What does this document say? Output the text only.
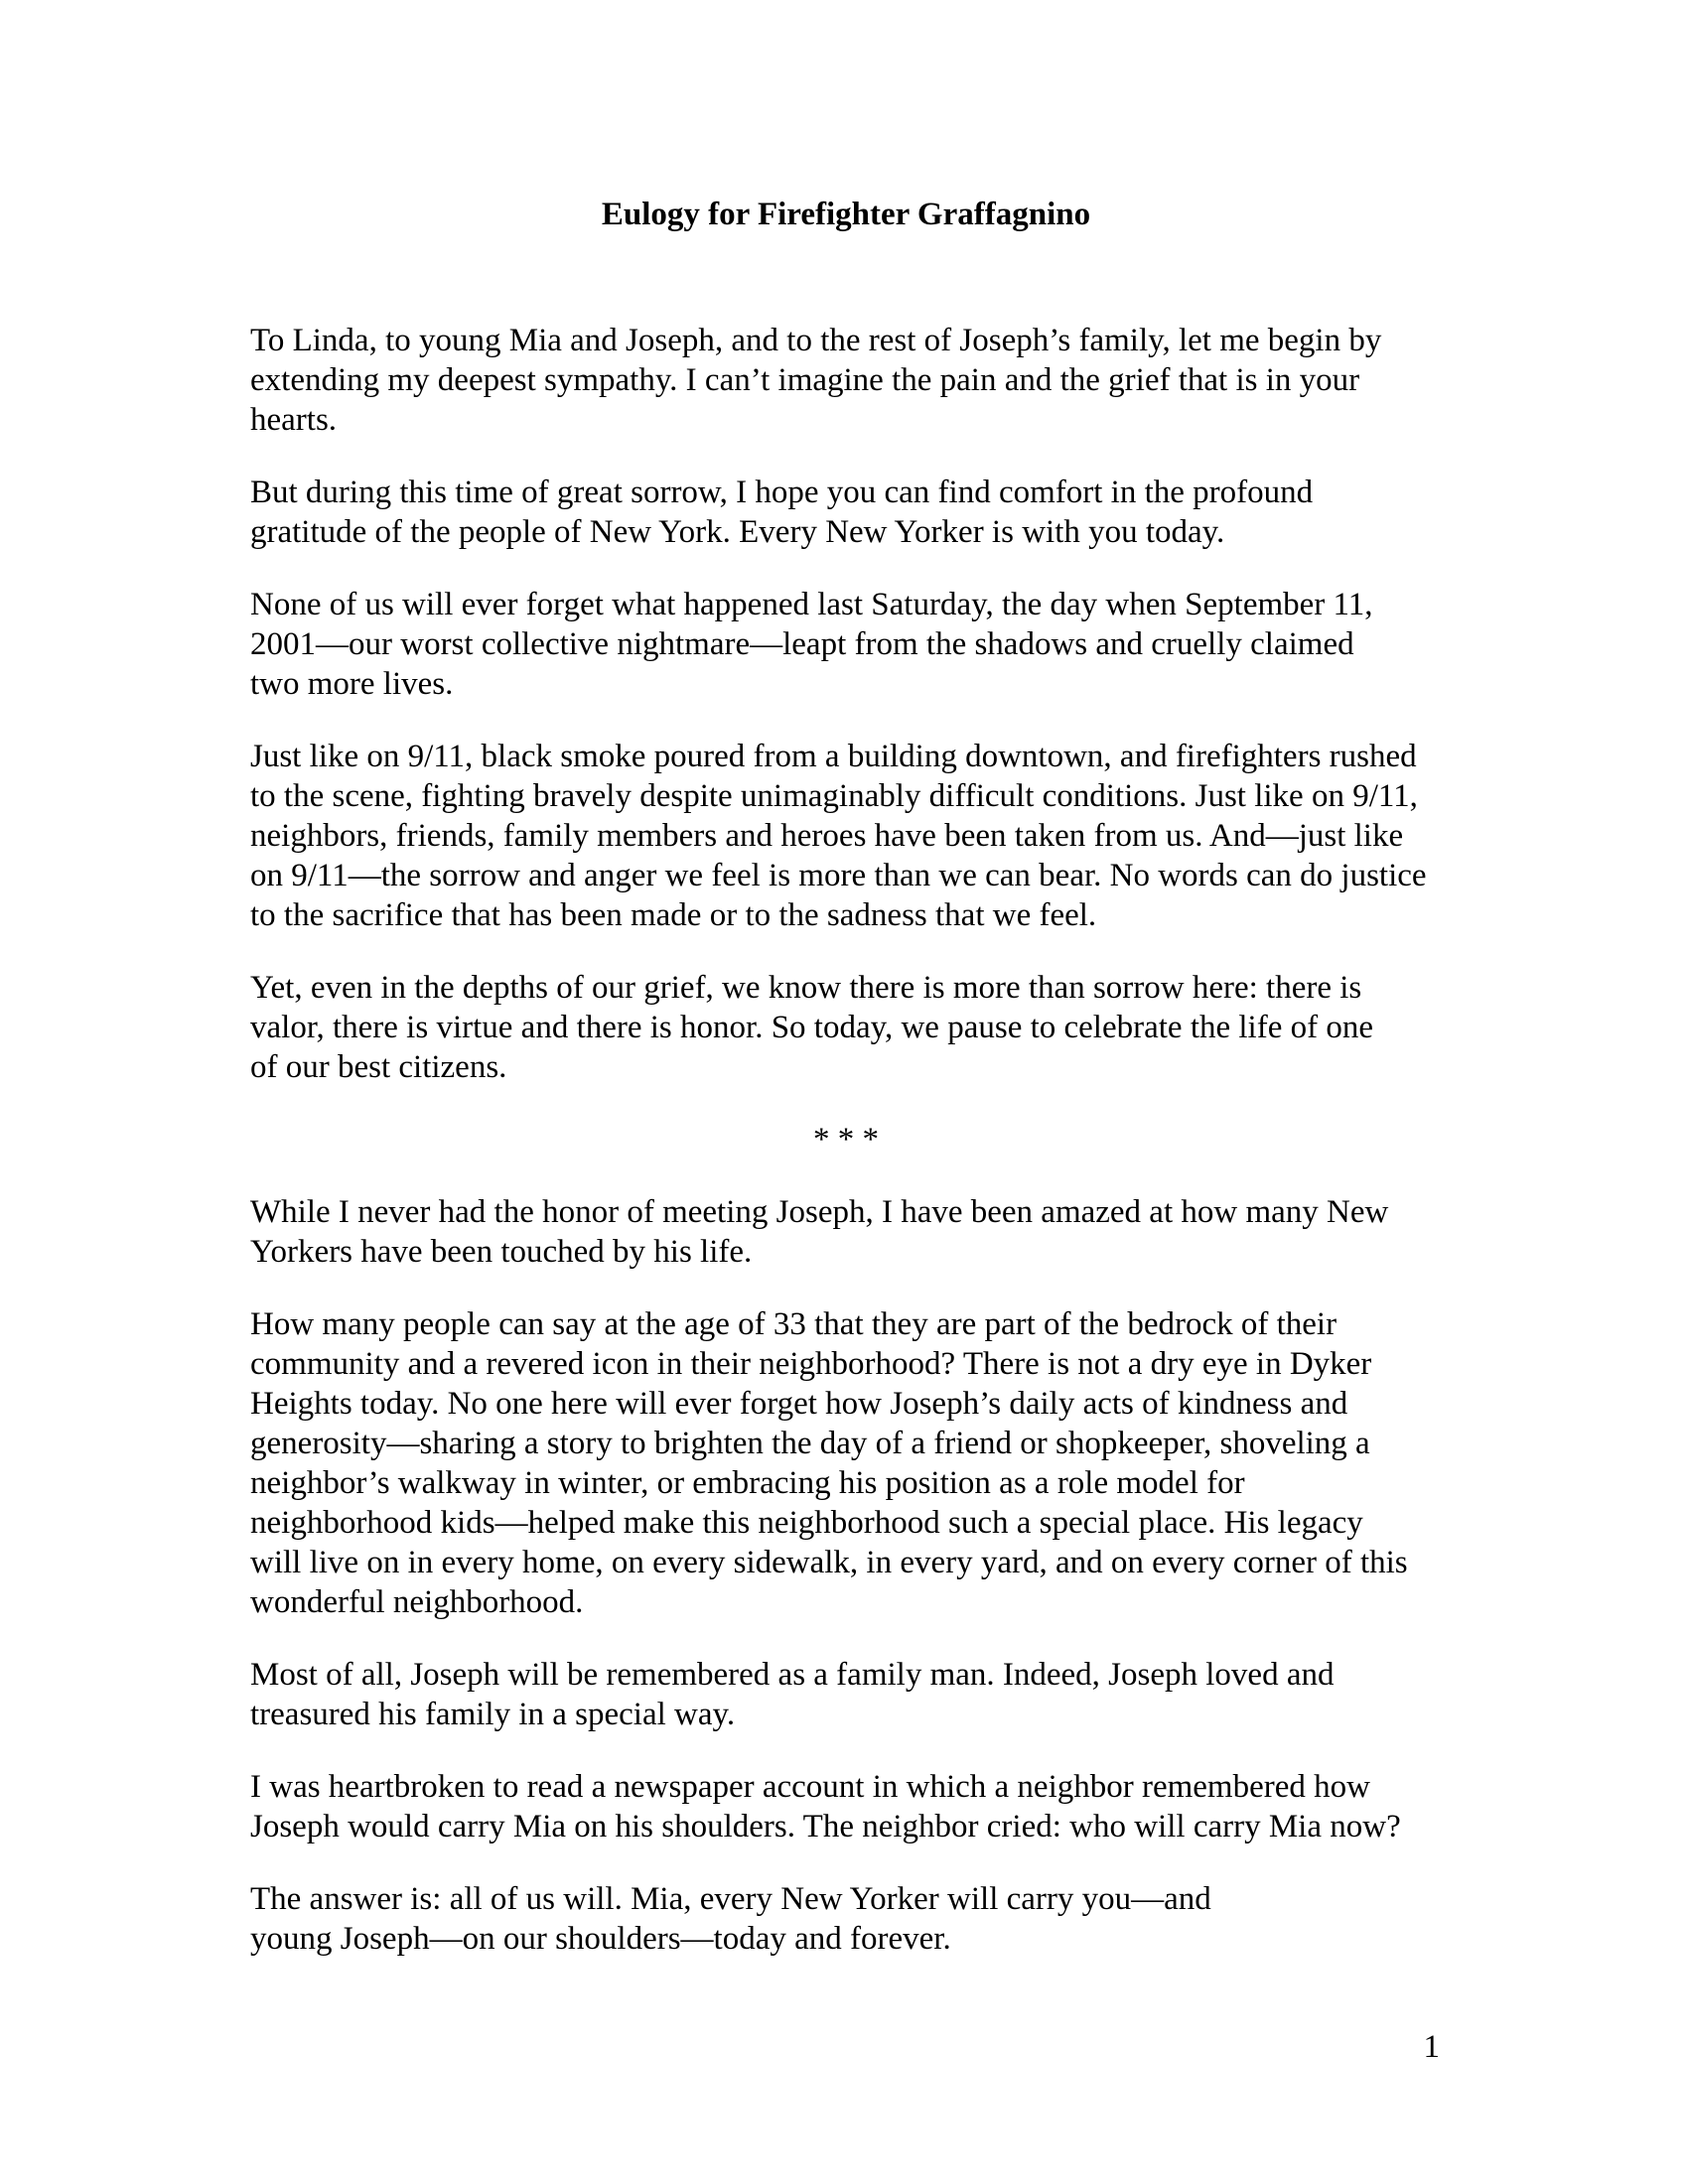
Eulogy for Firefighter Graffagnino

To Linda, to young Mia and Joseph, and to the rest of Joseph’s family, let me begin by
extending my deepest sympathy. I can’t imagine the pain and the grief that is in your
hearts.

But during this time of great sorrow, I hope you can find comfort in the profound
gratitude of the people of New York. Every New Yorker is with you today.

None of us will ever forget what happened last Saturday, the day when September 11,
2001—our worst collective nightmare—leapt from the shadows and cruelly claimed
two more lives.

Just like on 9/11, black smoke poured from a building downtown, and firefighters rushed
to the scene, fighting bravely despite unimaginably difficult conditions. Just like on 9/11,
neighbors, friends, family members and heroes have been taken from us. And—just like
on 9/11—the sorrow and anger we feel is more than we can bear. No words can do justice
to the sacrifice that has been made or to the sadness that we feel.

Yet, even in the depths of our grief, we know there is more than sorrow here: there is
valor, there is virtue and there is honor. So today, we pause to celebrate the life of one
of our best citizens.

* * *

While I never had the honor of meeting Joseph, I have been amazed at how many New
Yorkers have been touched by his life.

How many people can say at the age of 33 that they are part of the bedrock of their
community and a revered icon in their neighborhood? There is not a dry eye in Dyker
Heights today. No one here will ever forget how Joseph’s daily acts of kindness and
generosity—sharing a story to brighten the day of a friend or shopkeeper, shoveling a
neighbor’s walkway in winter, or embracing his position as a role model for
neighborhood kids—helped make this neighborhood such a special place. His legacy
will live on in every home, on every sidewalk, in every yard, and on every corner of this
wonderful neighborhood.

Most of all, Joseph will be remembered as a family man. Indeed, Joseph loved and
treasured his family in a special way.

I was heartbroken to read a newspaper account in which a neighbor remembered how
Joseph would carry Mia on his shoulders. The neighbor cried: who will carry Mia now?

The answer is: all of us will. Mia, every New Yorker will carry you—and
young Joseph—on our shoulders—today and forever.

1
